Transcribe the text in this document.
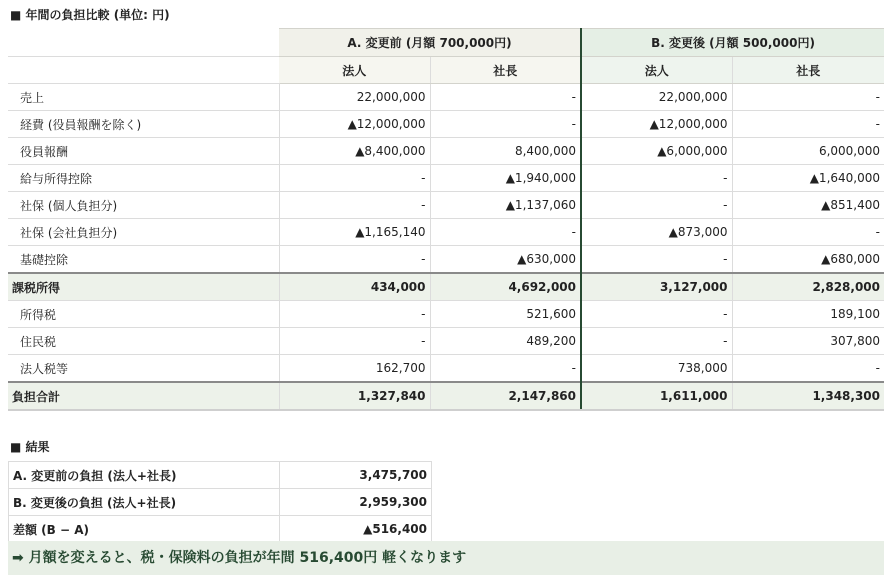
■ 年間の負担比較 (単位: 円)
	A. 変更前 (月額 700,000円)		B. 変更後 (月額 500,000円)	
	法人	社長	法人	社長
売上	22,000,000	-	22,000,000	-
経費 (役員報酬を除く)	▲12,000,000	-	▲12,000,000	-
役員報酬	▲8,400,000	8,400,000	▲6,000,000	6,000,000
給与所得控除	-	▲1,940,000	-	▲1,640,000
社保 (個人負担分)	-	▲1,137,060	-	▲851,400
社保 (会社負担分)	▲1,165,140	-	▲873,000	-
基礎控除	-	▲630,000	-	▲680,000
課税所得	434,000	4,692,000	3,127,000	2,828,000
所得税	-	521,600	-	189,100
住民税	-	489,200	-	307,800
法人税等	162,700	-	738,000	-
負担合計	1,327,840	2,147,860	1,611,000	1,348,300
■ 結果
A. 変更前の負担 (法人+社長)	3,475,700
B. 変更後の負担 (法人+社長)	2,959,300
差額 (B − A)	▲516,400
➡ 月額を変えると、税・保険料の負担が年間 516,400円 軽くなります
